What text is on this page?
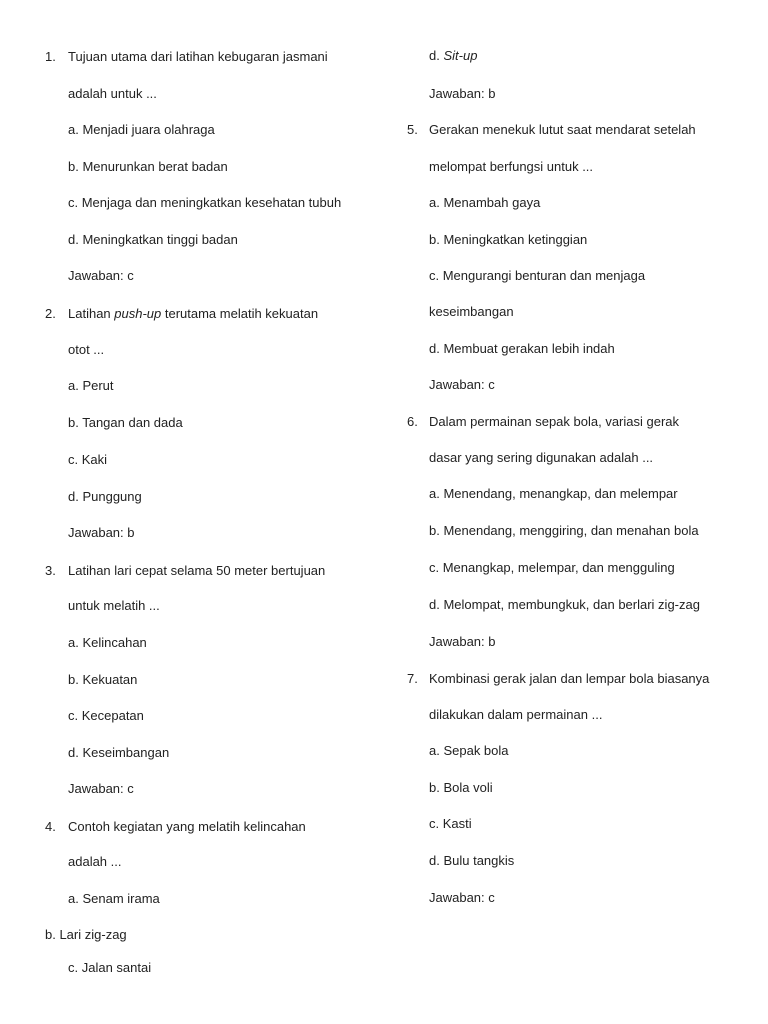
1. Tujuan utama dari latihan kebugaran jasmani
adalah untuk ...
a. Menjadi juara olahraga
b. Menurunkan berat badan
c. Menjaga dan meningkatkan kesehatan tubuh
d. Meningkatkan tinggi badan
Jawaban: c
2. Latihan push-up terutama melatih kekuatan
otot ...
a. Perut
b. Tangan dan dada
c. Kaki
d. Punggung
Jawaban: b
3. Latihan lari cepat selama 50 meter bertujuan
untuk melatih ...
a. Kelincahan
b. Kekuatan
c. Kecepatan
d. Keseimbangan
Jawaban: c
4. Contoh kegiatan yang melatih kelincahan
adalah ...
a. Senam irama
b. Lari zig-zag
c. Jalan santai
d. Sit-up
Jawaban: b
5. Gerakan menekuk lutut saat mendarat setelah
melompat berfungsi untuk ...
a. Menambah gaya
b. Meningkatkan ketinggian
c. Mengurangi benturan dan menjaga
keseimbangan
d. Membuat gerakan lebih indah
Jawaban: c
6. Dalam permainan sepak bola, variasi gerak
dasar yang sering digunakan adalah ...
a. Menendang, menangkap, dan melempar
b. Menendang, menggiring, dan menahan bola
c. Menangkap, melempar, dan mengguling
d. Melompat, membungkuk, dan berlari zig-zag
Jawaban: b
7. Kombinasi gerak jalan dan lempar bola biasanya
dilakukan dalam permainan ...
a. Sepak bola
b. Bola voli
c. Kasti
d. Bulu tangkis
Jawaban: c
